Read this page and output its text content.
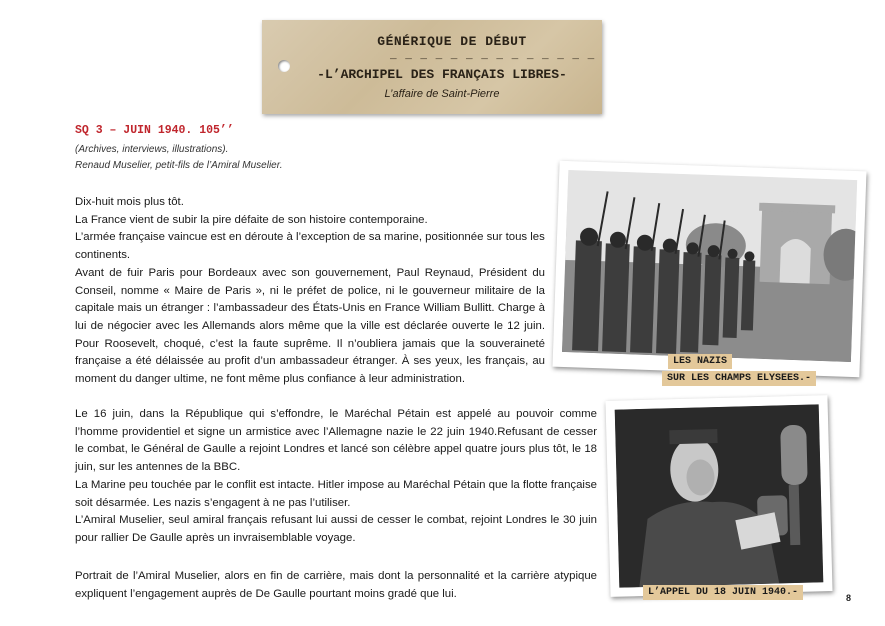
GÉNÉRIQUE DE DÉBUT
_ _ _ _ _ _ _ _ _ _ _ _ _ _
-L’ARCHIPEL DES FRANÇAIS LIBRES-
L’affaire de Saint-Pierre
SQ 3 – JUIN 1940. 105’’
(Archives, interviews, illustrations).
Renaud Muselier, petit-fils de l’Amiral Muselier.

Dix-huit mois plus tôt.

La France vient de subir la pire défaite de son histoire contemporaine.

L’armée française vaincue est en déroute à l’exception de sa marine, positionnée sur tous les continents.

Avant de fuir Paris pour Bordeaux avec son gouvernement, Paul Reynaud, Président du Conseil, nomme « Maire de Paris », ni le préfet de police, ni le gouverneur militaire de la capitale mais un étranger : l’ambassadeur des États-Unis en France William Bullitt. Charge à lui de négocier avec les Allemands alors même que la ville est déclarée ouverte le 12 juin. Pour Roosevelt, choqué, c’est la faute suprême. Il n’oubliera jamais que la souveraineté française a été délaissée au profit d’un ambassadeur étranger. À ses yeux, les français, au moment du danger ultime, ne font même plus confiance à leur administration.

Le 16 juin, dans la République qui s’effondre, le Maréchal Pétain est appelé au pouvoir comme l’homme providentiel et signe un armistice avec l’Allemagne nazie le 22 juin 1940.Refusant de cesser le combat, le Général de Gaulle a rejoint Londres et lancé son célèbre appel quatre jours plus tôt, le 18 juin, sur les antennes de la BBC.

La Marine peu touchée par le conflit est intacte. Hitler impose au Maréchal Pétain que la flotte française soit désarmée. Les nazis s’engagent à ne pas l’utiliser.

L’Amiral Muselier, seul amiral français refusant lui aussi de cesser le combat, rejoint Londres le 30 juin pour rallier De Gaulle après un invraisemblable voyage.

Portrait de l’Amiral Muselier, alors en fin de carrière, mais dont la personnalité et la carrière atypique expliquent l’engagement auprès de De Gaulle pourtant moins gradé que lui.

LES NAZIS
SUR LES CHAMPS ELYSEES.-
L’APPEL DU 18 JUIN 1940.-	8
